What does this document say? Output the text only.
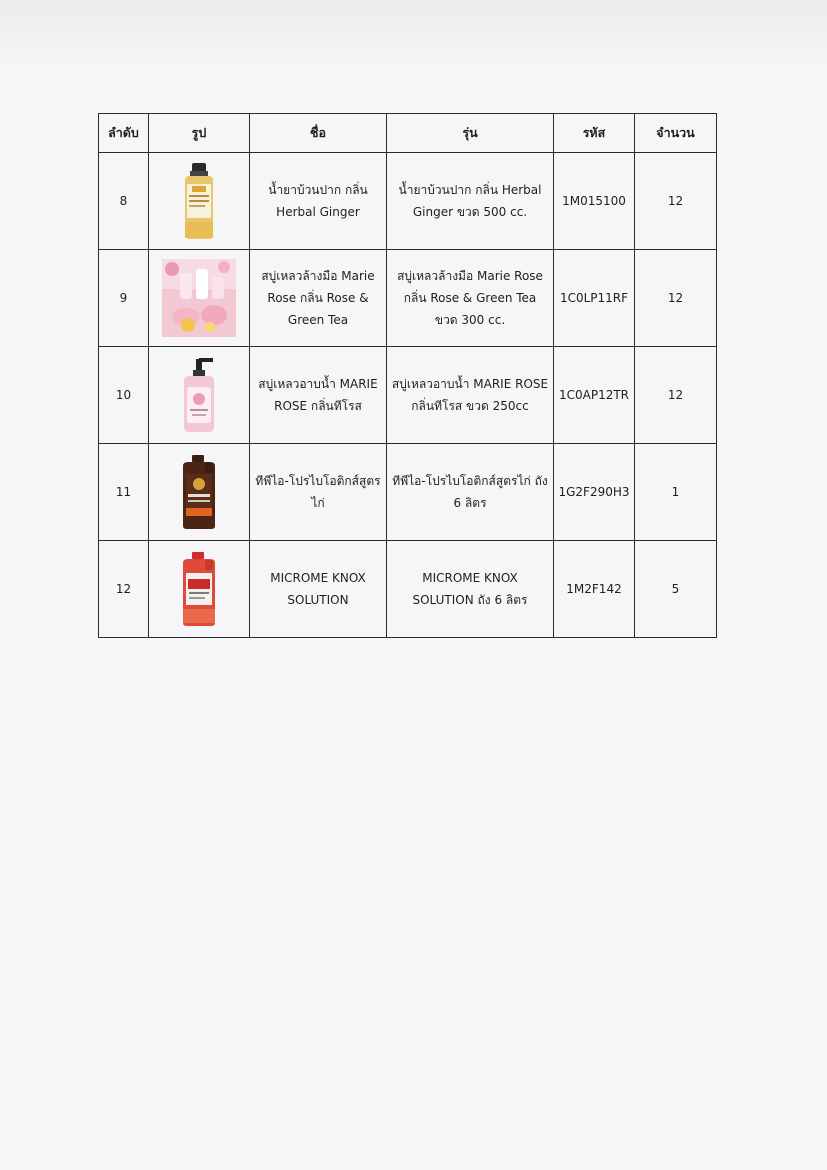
ลำดับ	รูป	ชื่อ	รุ่น	รหัส	จำนวน
8		น้ำยาบ้วนปาก กลิ่น Herbal Ginger	น้ำยาบ้วนปาก กลิ่น Herbal Ginger ขวด 500 cc.	1M015100	12
9		สบู่เหลวล้างมือ Marie Rose กลิ่น Rose & Green Tea	สบู่เหลวล้างมือ Marie Rose กลิ่น Rose & Green Tea ขวด 300 cc.	1C0LP11RF	12
10		สบู่เหลวอาบน้ำ MARIE ROSE กลิ่นทีโรส	สบู่เหลวอาบน้ำ MARIE ROSE กลิ่นทีโรส ขวด 250cc	1C0AP12TR	12
11		ทีพีไอ-โปรไบโอติกส์สูตรไก่	ทีพีไอ-โปรไบโอติกส์สูตรไก่ ถัง 6 ลิตร	1G2F290H3	1
12		MICROME KNOX SOLUTION	MICROME KNOX SOLUTION ถัง 6 ลิตร	1M2F142	5
